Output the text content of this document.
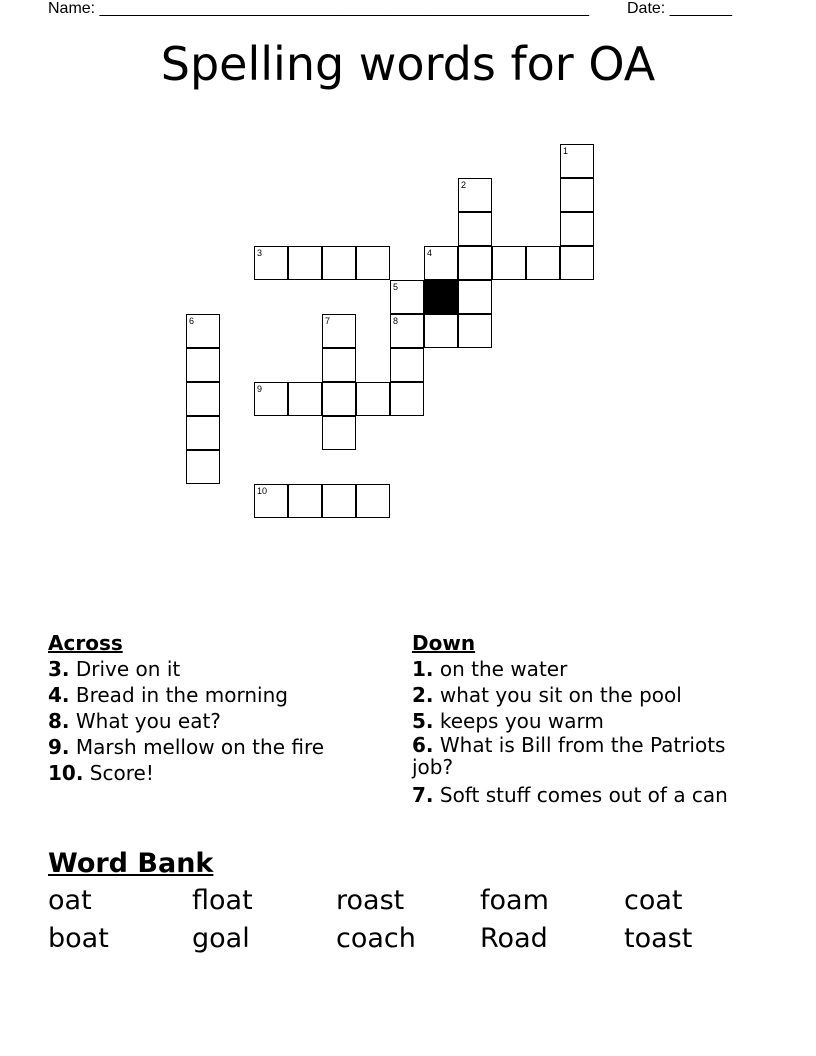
Name: _______________________________________________________ Date: _______
Spelling words for OA
1
2
3	4
5
6	7	8
9
10
Across
3. Drive on it
4. Bread in the morning
8. What you eat?
9. Marsh mellow on the fire
10. Score!
Down
1. on the water
2. what you sit on the pool
5. keeps you warm
6. What is Bill from the Patriots job?
7. Soft stuff comes out of a can
Word Bank
oat	float	roast	foam	coat
boat	goal	coach	Road	toast
